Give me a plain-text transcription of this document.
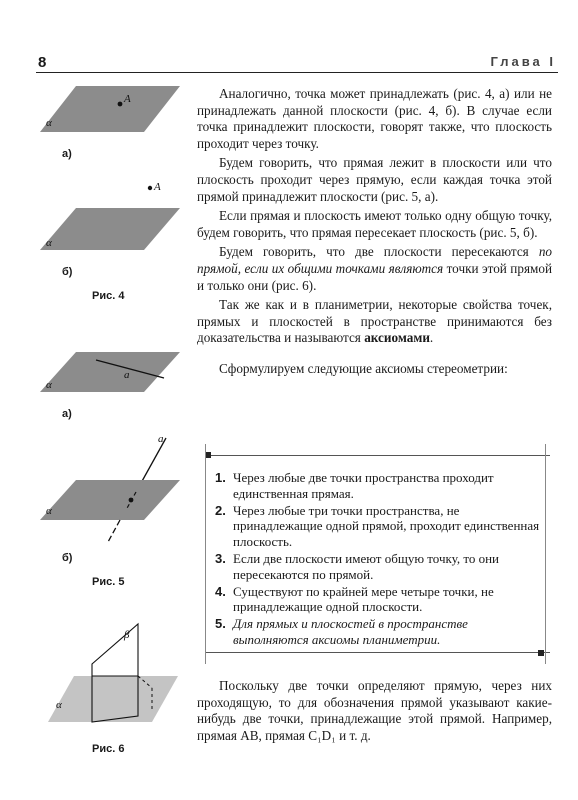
8	Глава I
A
α
а)
A
α
б)
Рис. 4
a
α
а)
a
α
б)
Рис. 5
β
α
Рис. 6

Аналогично, точка может принадлежать (рис. 4, а) или не принадлежать данной плоскости (рис. 4, б). В случае если точка принадлежит плоскости, говорят также, что плоскость проходит через точку.

Будем говорить, что прямая лежит в плоскости или что плоскость проходит через прямую, если каждая точка этой прямой принадлежит плоскости (рис. 5, а).

Если прямая и плоскость имеют только одну общую точку, будем говорить, что прямая пересекает плоскость (рис. 5, б).

Будем говорить, что две плоскости пересекаются по прямой, если их общими точками являются точки этой прямой и только они (рис. 6).

Так же как и в планиметрии, некоторые свойства точек, прямых и плоскостей в пространстве принимаются без доказательства и называются аксиомами.

Сформулируем следующие аксиомы стереометрии:

1. Через любые две точки пространства проходит единственная прямая.
2. Через любые три точки пространства, не принадлежащие одной прямой, проходит единственная плоскость.
3. Если две плоскости имеют общую точку, то они пересекаются по прямой.
4. Существуют по крайней мере четыре точки, не принадлежащие одной плоскости.
5. Для прямых и плоскостей в пространстве выполняются аксиомы планиметрии.

Поскольку две точки определяют прямую, через них проходящую, то для обозначения прямой указывают какие-нибудь две точки, принадлежащие этой прямой. Например, прямая AB, прямая C₁D₁ и т. д.
